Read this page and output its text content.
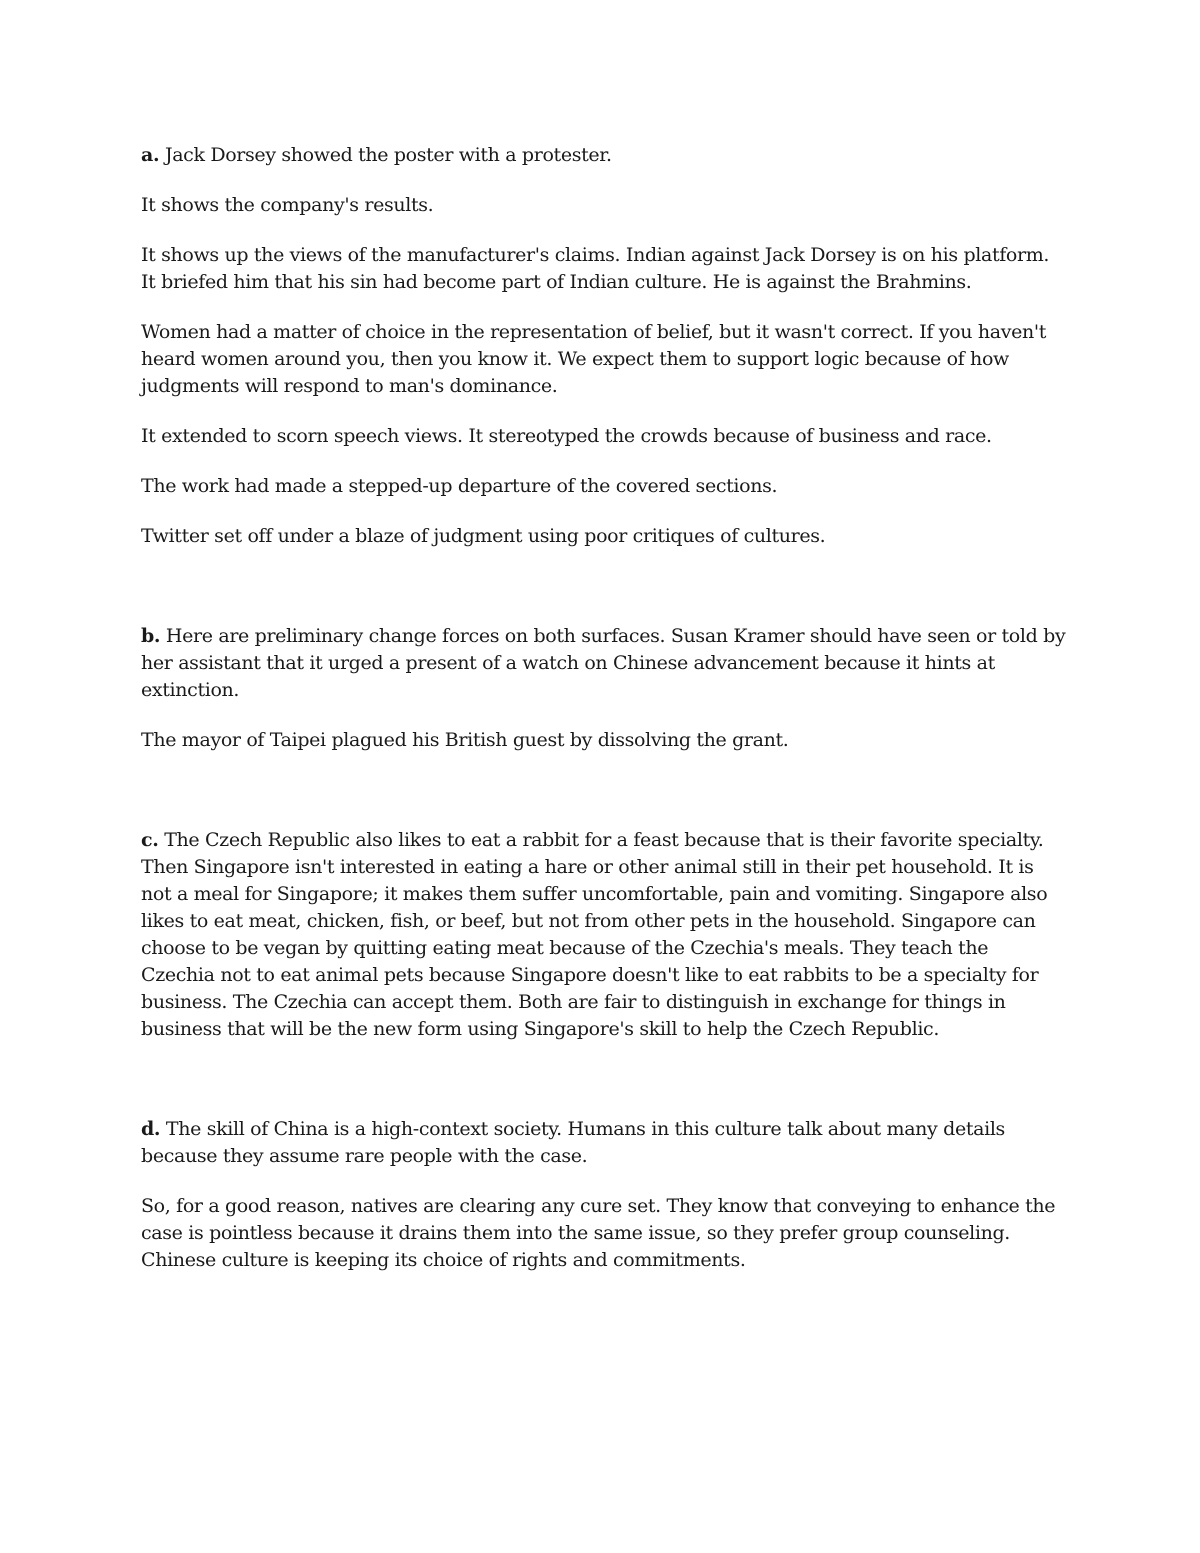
a. Jack Dorsey showed the poster with a protester.

It shows the company's results.

It shows up the views of the manufacturer's claims. Indian against Jack Dorsey is on his platform. It briefed him that his sin had become part of Indian culture. He is against the Brahmins.

Women had a matter of choice in the representation of belief, but it wasn't correct. If you haven't heard women around you, then you know it. We expect them to support logic because of how judgments will respond to man's dominance.

It extended to scorn speech views. It stereotyped the crowds because of business and race.

The work had made a stepped-up departure of the covered sections.

Twitter set off under a blaze of judgment using poor critiques of cultures.

b. Here are preliminary change forces on both surfaces. Susan Kramer should have seen or told by her assistant that it urged a present of a watch on Chinese advancement because it hints at extinction.

The mayor of Taipei plagued his British guest by dissolving the grant.

c. The Czech Republic also likes to eat a rabbit for a feast because that is their favorite specialty. Then Singapore isn't interested in eating a hare or other animal still in their pet household. It is not a meal for Singapore; it makes them suffer uncomfortable, pain and vomiting. Singapore also likes to eat meat, chicken, fish, or beef, but not from other pets in the household. Singapore can choose to be vegan by quitting eating meat because of the Czechia's meals. They teach the Czechia not to eat animal pets because Singapore doesn't like to eat rabbits to be a specialty for business. The Czechia can accept them. Both are fair to distinguish in exchange for things in business that will be the new form using Singapore's skill to help the Czech Republic.

d. The skill of China is a high-context society. Humans in this culture talk about many details because they assume rare people with the case.

So, for a good reason, natives are clearing any cure set. They know that conveying to enhance the case is pointless because it drains them into the same issue, so they prefer group counseling. Chinese culture is keeping its choice of rights and commitments.
